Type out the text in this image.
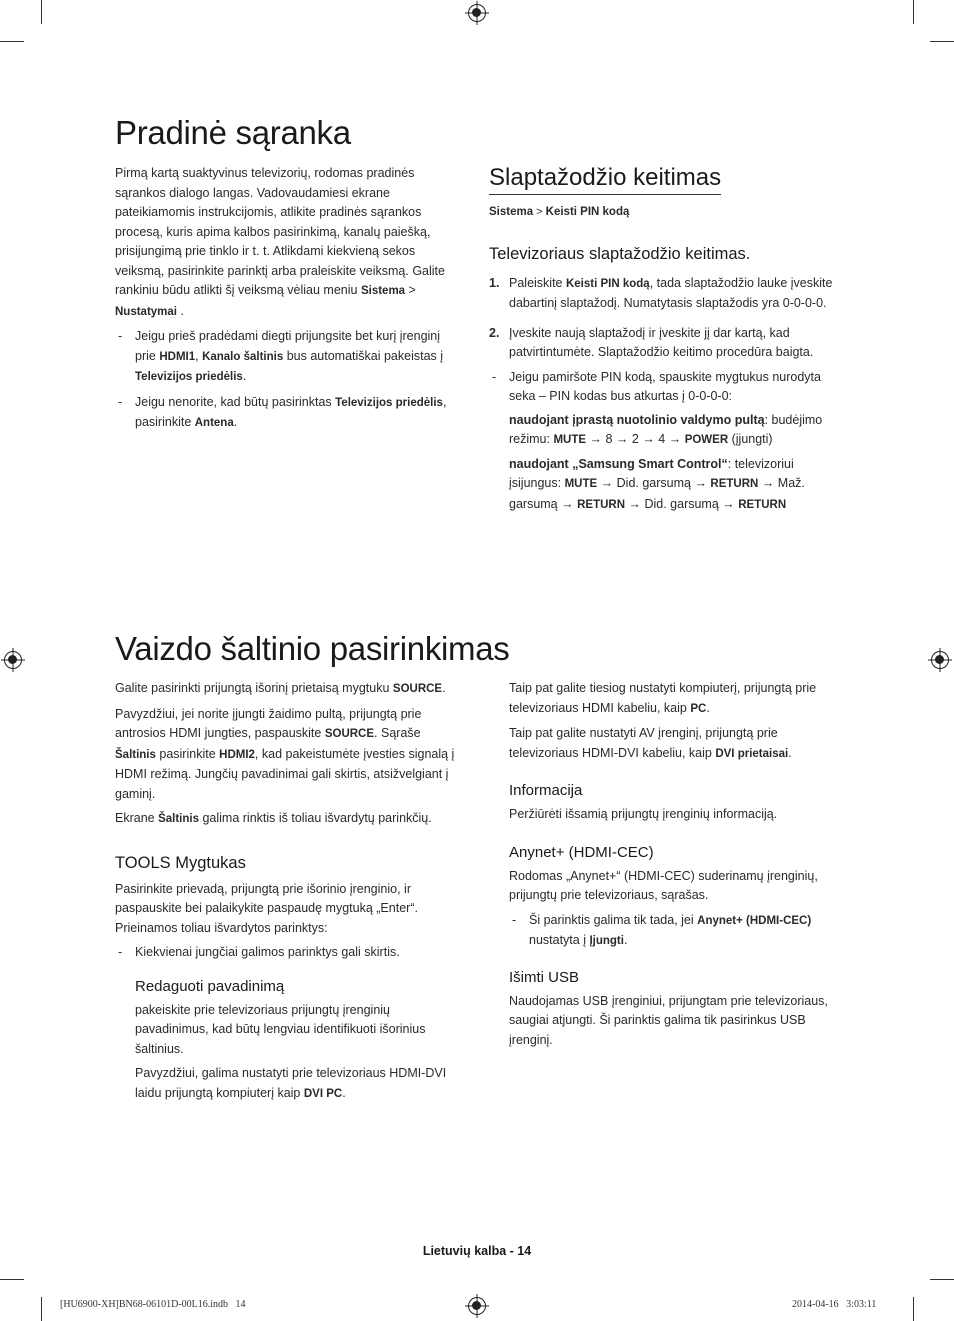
Pradinė sąranka

Pirmą kartą suaktyvinus televizorių, rodomas pradinės sąrankos dialogo langas. Vadovaudamiesi ekrane pateikiamomis instrukcijomis, atlikite pradinės sąrankos procesą, kuris apima kalbos pasirinkimą, kanalų paiešką, prisijungimą prie tinklo ir t. t. Atlikdami kiekvieną sekos veiksmą, pasirinkite parinktį arba praleiskite veiksmą. Galite rankiniu būdu atlikti šį veiksmą vėliau meniu Sistema > Nustatymai .

- Jeigu prieš pradėdami diegti prijungsite bet kurį įrenginį prie HDMI1, Kanalo šaltinis bus automatiškai pakeistas į Televizijos priedėlis.

- Jeigu nenorite, kad būtų pasirinktas Televizijos priedėlis, pasirinkite Antena.

Slaptažodžio keitimas

Sistema > Keisti PIN kodą

Televizoriaus slaptažodžio keitimas.

1. Paleiskite Keisti PIN kodą, tada slaptažodžio lauke įveskite dabartinį slaptažodį. Numatytasis slaptažodis yra 0-0-0-0.

2. Įveskite naują slaptažodį ir įveskite jį dar kartą, kad patvirtintumėte. Slaptažodžio keitimo procedūra baigta.

- Jeigu pamiršote PIN kodą, spauskite mygtukus nurodyta seka – PIN kodas bus atkurtas į 0-0-0-0:

naudojant įprastą nuotolinio valdymo pultą: budėjimo režimu: MUTE → 8 → 2 → 4 → POWER (įjungti)

naudojant „Samsung Smart Control“: televizoriui įsijungus: MUTE → Did. garsumą → RETURN → Maž. garsumą → RETURN → Did. garsumą → RETURN

Vaizdo šaltinio pasirinkimas

Galite pasirinkti prijungtą išorinį prietaisą mygtuku SOURCE.

Pavyzdžiui, jei norite įjungti žaidimo pultą, prijungtą prie antrosios HDMI jungties, paspauskite SOURCE. Sąraše Šaltinis pasirinkite HDMI2, kad pakeistumėte įvesties signalą į HDMI režimą. Jungčių pavadinimai gali skirtis, atsižvelgiant į gaminį.

Ekrane Šaltinis galima rinktis iš toliau išvardytų parinkčių.

TOOLS Mygtukas

Pasirinkite prievadą, prijungtą prie išorinio įrenginio, ir paspauskite bei palaikykite paspaudę mygtuką „Enter“. Prieinamos toliau išvardytos parinktys:

- Kiekvienai jungčiai galimos parinktys gali skirtis.

Redaguoti pavadinimą

pakeiskite prie televizoriaus prijungtų įrenginių pavadinimus, kad būtų lengviau identifikuoti išorinius šaltinius.

Pavyzdžiui, galima nustatyti prie televizoriaus HDMI-DVI laidu prijungtą kompiuterį kaip DVI PC.

Taip pat galite tiesiog nustatyti kompiuterį, prijungtą prie televizoriaus HDMI kabeliu, kaip PC.

Taip pat galite nustatyti AV įrenginį, prijungtą prie televizoriaus HDMI-DVI kabeliu, kaip DVI prietaisai.

Informacija

Peržiūrėti išsamią prijungtų įrenginių informaciją.

Anynet+ (HDMI-CEC)

Rodomas „Anynet+“ (HDMI-CEC) suderinamų įrenginių, prijungtų prie televizoriaus, sąrašas.

- Ši parinktis galima tik tada, jei Anynet+ (HDMI-CEC) nustatyta į Įjungti.

Išimti USB

Naudojamas USB įrenginiui, prijungtam prie televizoriaus, saugiai atjungti. Ši parinktis galima tik pasirinkus USB įrenginį.

Lietuvių kalba - 14
[HU6900-XH]BN68-06101D-00L16.indb   14	2014-04-16   3:03:11
